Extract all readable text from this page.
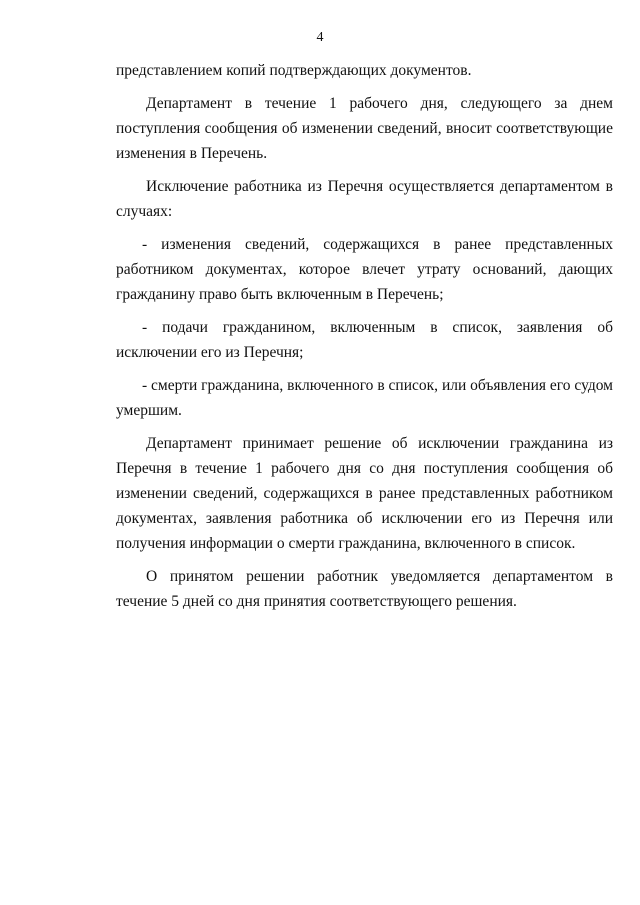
4

представлением копий подтверждающих документов.

Департамент в течение 1 рабочего дня, следующего за днем поступления сообщения об изменении сведений, вносит соответствующие изменения в Перечень.

Исключение работника из Перечня осуществляется департаментом в случаях:

- изменения сведений, содержащихся в ранее представленных работником документах, которое влечет утрату оснований, дающих гражданину право быть включенным в Перечень;

- подачи гражданином, включенным в список, заявления об исключении его из Перечня;

- смерти гражданина, включенного в список, или объявления его судом умершим.

Департамент принимает решение об исключении гражданина из Перечня в течение 1 рабочего дня со дня поступления сообщения об изменении сведений, содержащихся в ранее представленных работником документах, заявления работника об исключении его из Перечня или получения информации о смерти гражданина, включенного в список.

О принятом решении работник уведомляется департаментом в течение 5 дней со дня принятия соответствующего решения.
